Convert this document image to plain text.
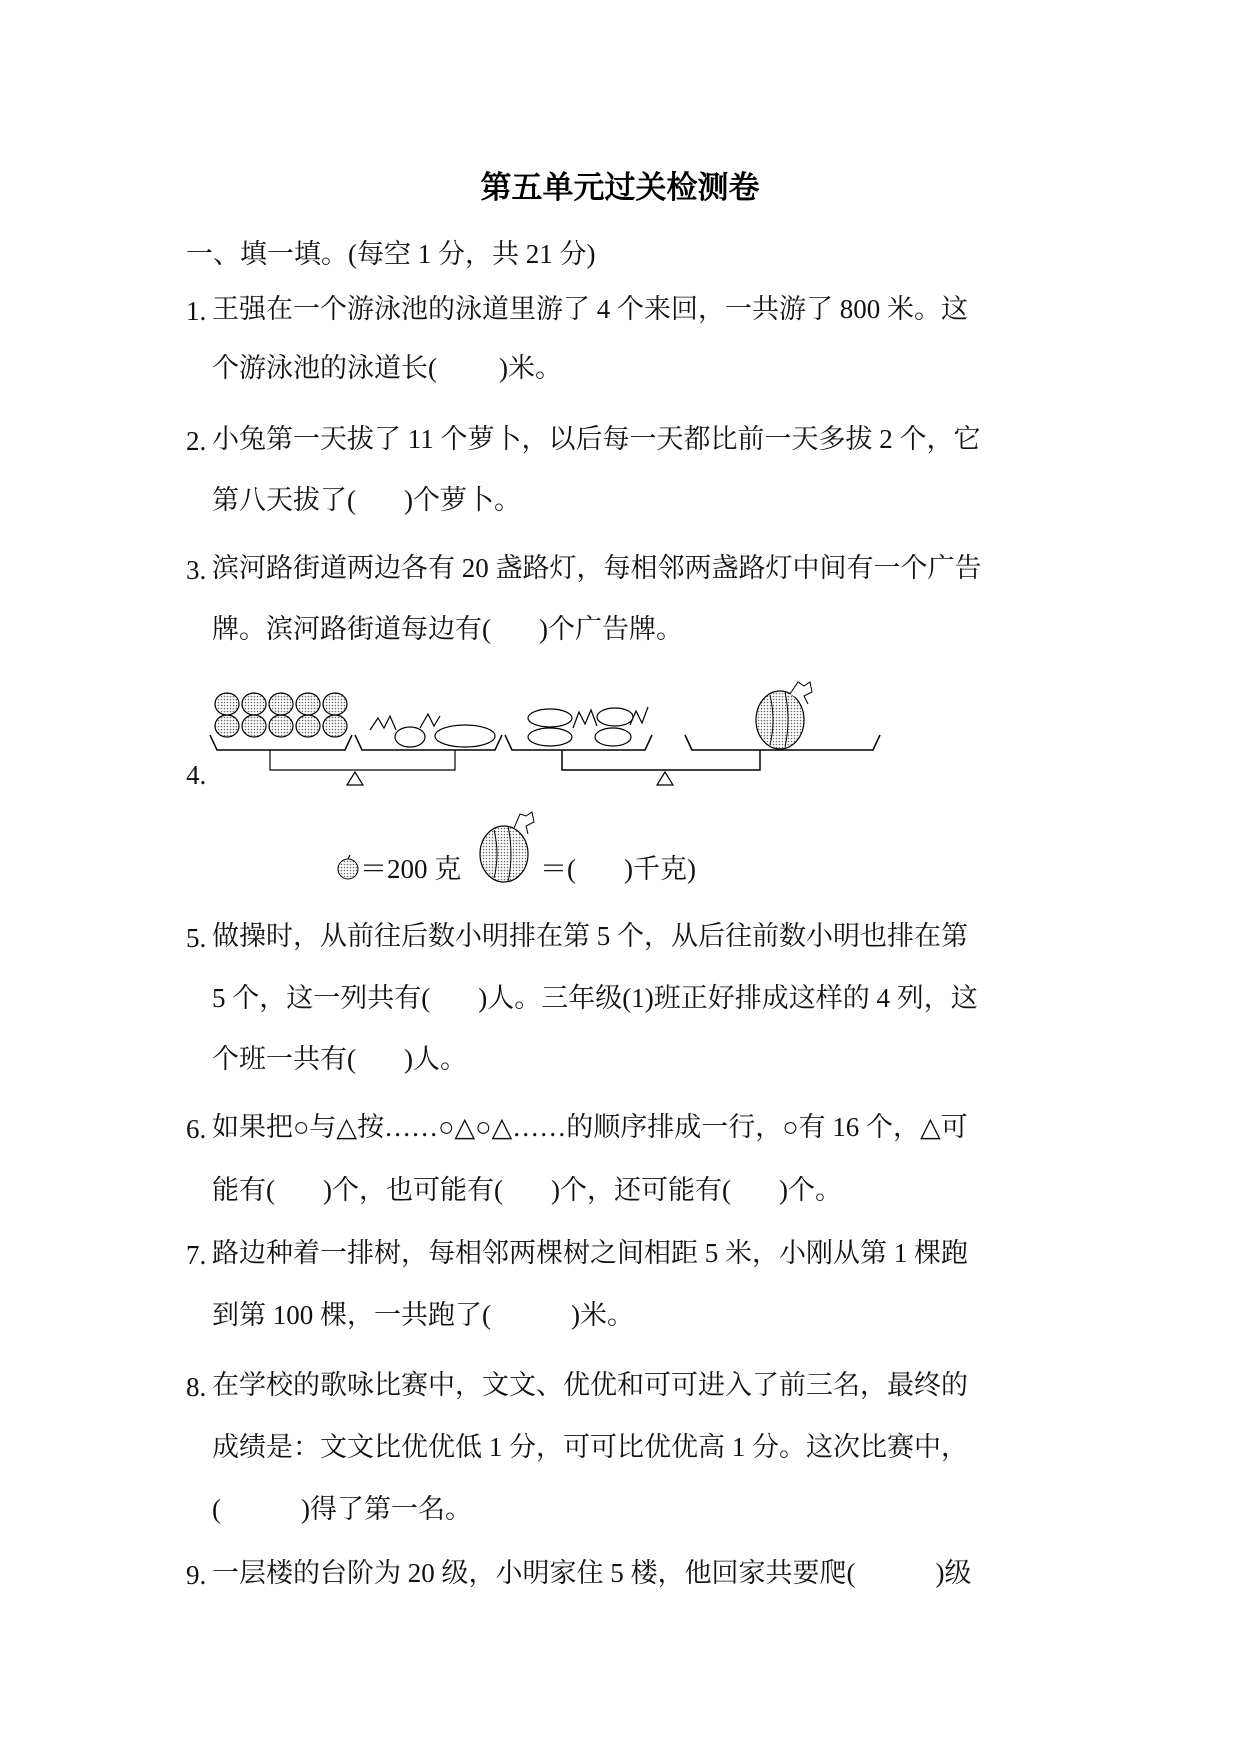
第五单元过关检测卷
一、填一填。(每空 1 分，共 21 分)
1. 王强在一个游泳池的泳道里游了 4 个来回，一共游了 800 米。这
个游泳池的泳道长( )米。
2. 小兔第一天拔了 11 个萝卜，以后每一天都比前一天多拔 2 个，它
第八天拔了( )个萝卜。
3. 滨河路街道两边各有 20 盏路灯，每相邻两盏路灯中间有一个广告
牌。滨河路街道每边有( )个广告牌。
4.
＝200 克	＝( )千克)
5. 做操时，从前往后数小明排在第 5 个，从后往前数小明也排在第
5 个，这一列共有( )人。三年级(1)班正好排成这样的 4 列，这
个班一共有( )人。
6. 如果把○与△按……○△○△……的顺序排成一行，○有 16 个，△可
能有( )个，也可能有( )个，还可能有( )个。
7. 路边种着一排树，每相邻两棵树之间相距 5 米，小刚从第 1 棵跑
到第 100 棵，一共跑了(	)米。
8. 在学校的歌咏比赛中，文文、优优和可可进入了前三名，最终的
成绩是：文文比优优低 1 分，可可比优优高 1 分。这次比赛中，
(	)得了第一名。
9. 一层楼的台阶为 20 级，小明家住 5 楼，他回家共要爬(	)级
